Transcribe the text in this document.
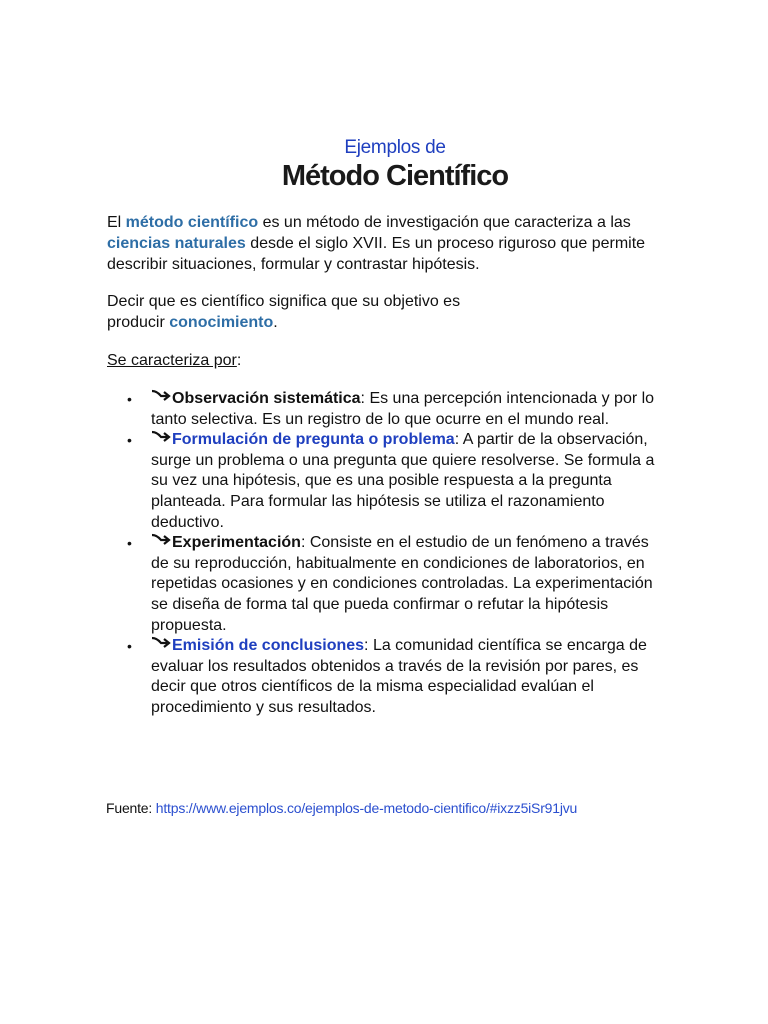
Ejemplos de
Método Científico
El método científico es un método de investigación que caracteriza a las ciencias naturales desde el siglo XVII. Es un proceso riguroso que permite describir situaciones, formular y contrastar hipótesis.
Decir que es científico significa que su objetivo es producir conocimiento.
Se caracteriza por:
•	Observación sistemática: Es una percepción intencionada y por lo tanto selectiva. Es un registro de lo que ocurre en el mundo real.
•	Formulación de pregunta o problema: A partir de la observación, surge un problema o una pregunta que quiere resolverse. Se formula a su vez una hipótesis, que es una posible respuesta a la pregunta planteada. Para formular las hipótesis se utiliza el razonamiento deductivo.
•	Experimentación: Consiste en el estudio de un fenómeno a través de su reproducción, habitualmente en condiciones de laboratorios, en repetidas ocasiones y en condiciones controladas. La experimentación se diseña de forma tal que pueda confirmar o refutar la hipótesis propuesta.
•	Emisión de conclusiones: La comunidad científica se encarga de evaluar los resultados obtenidos a través de la revisión por pares, es decir que otros científicos de la misma especialidad evalúan el procedimiento y sus resultados.
Fuente: https://www.ejemplos.co/ejemplos-de-metodo-cientifico/#ixzz5iSr91jvu
